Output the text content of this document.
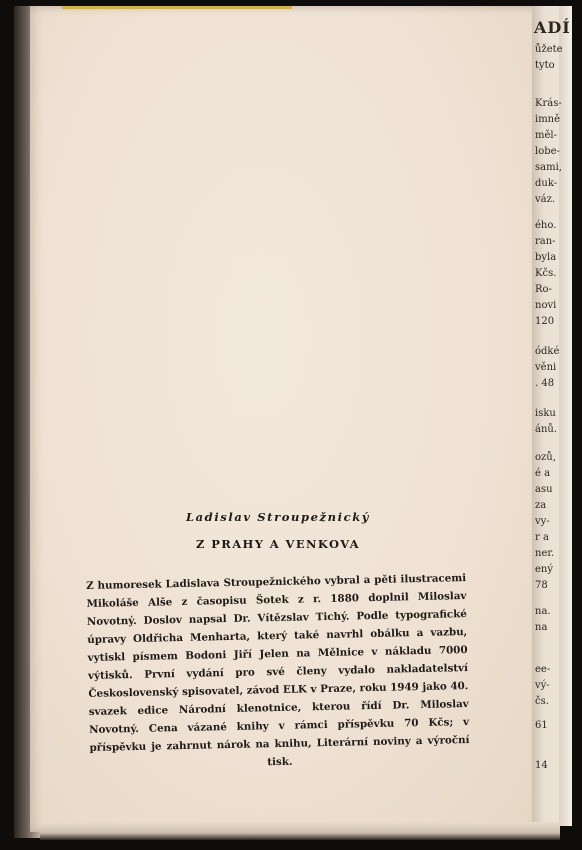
ADÍ
ůžete
tyto
Krás-
imně
měl-
lobe-
sami,
duk-
váz.
ého.
ran-
byla
Kčs.
Ro-
novi
120
ódké
věni
. 48
isku
ánů.
ozů,
é a
asu
za
vy-
r a
ner.
ený
78
na.
na
ee-
vý-
čs.
61
14

Ladislav Stroupežnický

Z PRAHY A VENKOVA

Z humoresek Ladislava Stroupežnického vybral a pěti ilustracemi Mikoláše Alše z časopisu Šotek z r. 1880 doplnil Miloslav Novotný. Doslov napsal Dr. Vítězslav Tichý. Podle typografické úpravy Oldřicha Menharta, který také navrhl obálku a vazbu, vytiskl písmem Bodoni Jiří Jelen na Mělnice v nákladu 7000 výtisků. První vydání pro své členy vydalo nakladatelství Československý spisovatel, závod ELK v Praze, roku 1949 jako 40. svazek edice Národní klenotnice, kterou řídí Dr. Miloslav Novotný. Cena vázané knihy v rámci příspěvku 70 Kčs; v příspěvku je zahrnut nárok na knihu, Literární noviny a výroční tisk.
